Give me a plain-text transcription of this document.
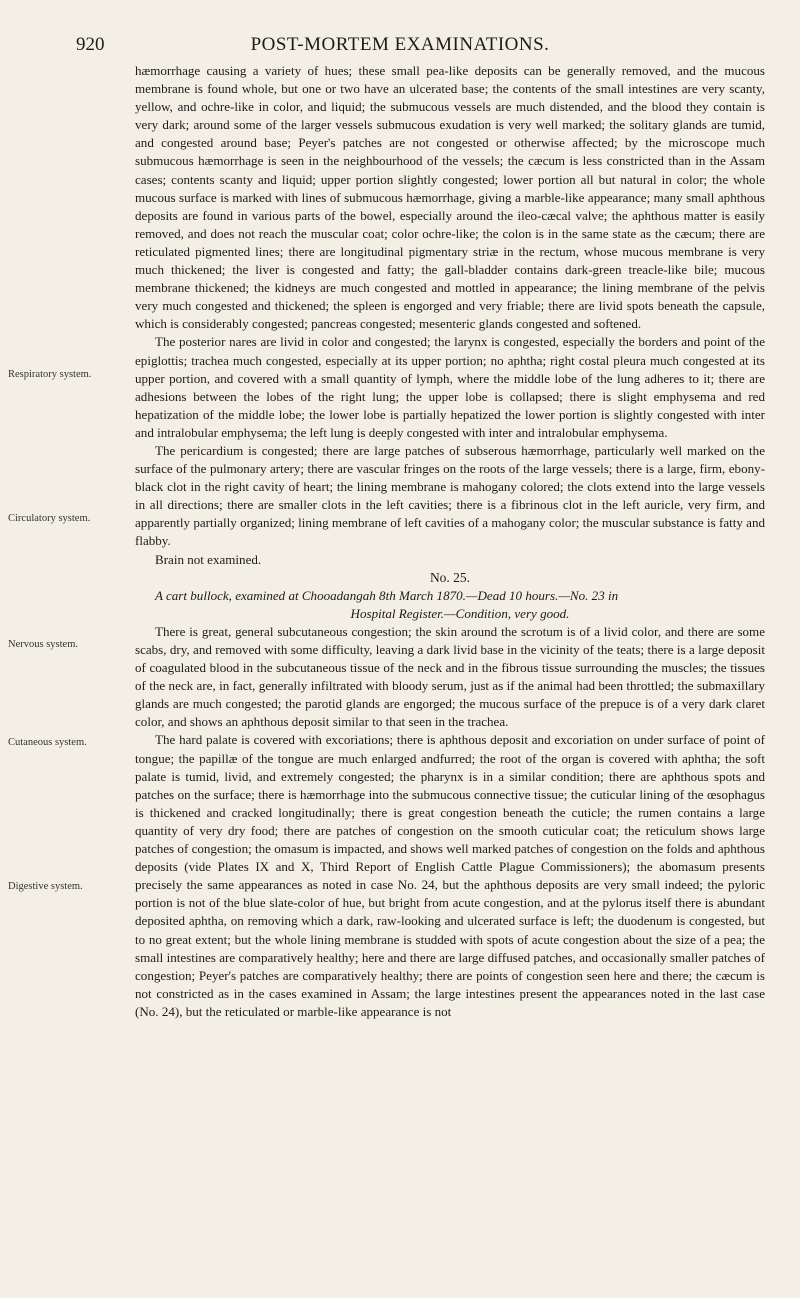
920	POST-MORTEM EXAMINATIONS.
Respiratory system.
Circulatory system.
Nervous system.
Cutaneous system.
Digestive system.

hæmorrhage causing a variety of hues; these small pea-like deposits can be generally removed, and the mucous membrane is found whole, but one or two have an ulcerated base; the contents of the small intestines are very scanty, yellow, and ochre-like in color, and liquid; the submucous vessels are much distended, and the blood they contain is very dark; around some of the larger vessels submucous exudation is very well marked; the solitary glands are tumid, and congested around base; Peyer's patches are not congested or otherwise affected; by the microscope much submucous hæmorrhage is seen in the neighbourhood of the vessels; the cæcum is less constricted than in the Assam cases; contents scanty and liquid; upper portion slightly congested; lower portion all but natural in color; the whole mucous surface is marked with lines of submucous hæmorrhage, giving a marble-like appearance; many small aphthous deposits are found in various parts of the bowel, especially around the ileo-cæcal valve; the aphthous matter is easily removed, and does not reach the muscular coat; color ochre-like; the colon is in the same state as the cæcum; there are reticulated pigmented lines; there are longitudinal pigmentary striæ in the rectum, whose mucous membrane is very much thickened; the liver is congested and fatty; the gall-bladder contains dark-green treacle-like bile; mucous membrane thickened; the kidneys are much congested and mottled in appearance; the lining membrane of the pelvis very much congested and thickened; the spleen is engorged and very friable; there are livid spots beneath the capsule, which is considerably congested; pancreas congested; mesenteric glands congested and softened.

The posterior nares are livid in color and congested; the larynx is congested, especially the borders and point of the epiglottis; trachea much congested, especially at its upper portion; no aphtha; right costal pleura much congested at its upper portion, and covered with a small quantity of lymph, where the middle lobe of the lung adheres to it; there are adhesions between the lobes of the right lung; the upper lobe is collapsed; there is slight emphysema and red hepatization of the middle lobe; the lower lobe is partially hepatized the lower portion is slightly congested with inter and intralobular emphysema; the left lung is deeply congested with inter and intralobular emphysema.

The pericardium is congested; there are large patches of subserous hæmorrhage, particularly well marked on the surface of the pulmonary artery; there are vascular fringes on the roots of the large vessels; there is a large, firm, ebony-black clot in the right cavity of heart; the lining membrane is mahogany colored; the clots extend into the large vessels in all directions; there are smaller clots in the left cavities; there is a fibrinous clot in the left auricle, very firm, and apparently partially organized; lining membrane of left cavities of a mahogany color; the muscular substance is fatty and flabby.

Brain not examined.

No. 25.

A cart bullock, examined at Chooadangah 8th March 1870.—Dead 10 hours.—No. 23 in

Hospital Register.—Condition, very good.

There is great, general subcutaneous congestion; the skin around the scrotum is of a livid color, and there are some scabs, dry, and removed with some difficulty, leaving a dark livid base in the vicinity of the teats; there is a large deposit of coagulated blood in the subcutaneous tissue of the neck and in the fibrous tissue surrounding the muscles; the tissues of the neck are, in fact, generally infiltrated with bloody serum, just as if the animal had been throttled; the submaxillary glands are much congested; the parotid glands are engorged; the mucous surface of the prepuce is of a very dark claret color, and shows an aphthous deposit similar to that seen in the trachea.

The hard palate is covered with excoriations; there is aphthous deposit and excoriation on under surface of point of tongue; the papillæ of the tongue are much enlarged andfurred; the root of the organ is covered with aphtha; the soft palate is tumid, livid, and extremely congested; the pharynx is in a similar condition; there are aphthous spots and patches on the surface; there is hæmorrhage into the submucous connective tissue; the cuticular lining of the œsophagus is thickened and cracked longitudinally; there is great congestion beneath the cuticle; the rumen contains a large quantity of very dry food; there are patches of congestion on the smooth cuticular coat; the reticulum shows large patches of congestion; the omasum is impacted, and shows well marked patches of congestion on the folds and aphthous deposits (vide Plates IX and X, Third Report of English Cattle Plague Commissioners); the abomasum presents precisely the same appearances as noted in case No. 24, but the aphthous deposits are very small indeed; the pyloric portion is not of the blue slate-color of hue, but bright from acute congestion, and at the pylorus itself there is abundant deposited aphtha, on removing which a dark, raw-looking and ulcerated surface is left; the duodenum is congested, but to no great extent; but the whole lining membrane is studded with spots of acute congestion about the size of a pea; the small intestines are comparatively healthy; here and there are large diffused patches, and occasionally smaller patches of congestion; Peyer's patches are comparatively healthy; there are points of congestion seen here and there; the cæcum is not constricted as in the cases examined in Assam; the large intestines present the appearances noted in the last case (No. 24), but the reticulated or marble-like appearance is not
